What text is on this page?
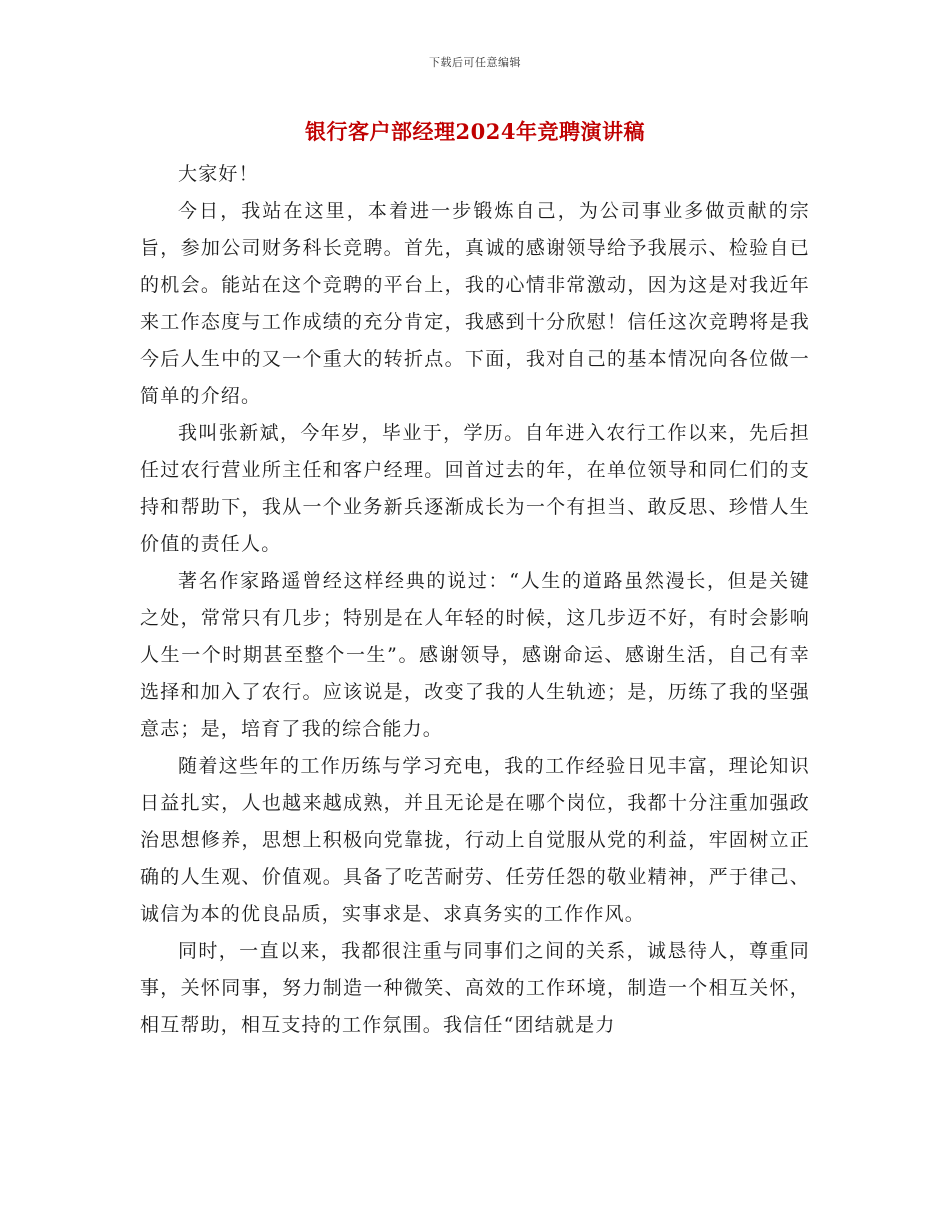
下载后可任意编辑
银行客户部经理2024年竞聘演讲稿

大家好！

今日，我站在这里，本着进一步锻炼自己，为公司事业多做贡献的宗旨，参加公司财务科长竞聘。首先，真诚的感谢领导给予我展示、检验自已的机会。能站在这个竞聘的平台上，我的心情非常激动，因为这是对我近年来工作态度与工作成绩的充分肯定，我感到十分欣慰！信任这次竞聘将是我今后人生中的又一个重大的转折点。下面，我对自己的基本情况向各位做一简单的介绍。

我叫张新斌，今年岁，毕业于，学历。自年进入农行工作以来，先后担任过农行营业所主任和客户经理。回首过去的年，在单位领导和同仁们的支持和帮助下，我从一个业务新兵逐渐成长为一个有担当、敢反思、珍惜人生价值的责任人。

著名作家路遥曾经这样经典的说过：“人生的道路虽然漫长，但是关键之处，常常只有几步；特别是在人年轻的时候，这几步迈不好，有时会影响人生一个时期甚至整个一生”。感谢领导，感谢命运、感谢生活，自己有幸选择和加入了农行。应该说是，改变了我的人生轨迹；是，历练了我的坚强意志；是，培育了我的综合能力。

随着这些年的工作历练与学习充电，我的工作经验日见丰富，理论知识日益扎实，人也越来越成熟，并且无论是在哪个岗位，我都十分注重加强政治思想修养，思想上积极向党靠拢，行动上自觉服从党的利益，牢固树立正确的人生观、价值观。具备了吃苦耐劳、任劳任怨的敬业精神，严于律己、诚信为本的优良品质，实事求是、求真务实的工作作风。

同时，一直以来，我都很注重与同事们之间的关系，诚恳待人，尊重同事，关怀同事，努力制造一种微笑、高效的工作环境，制造一个相互关怀，相互帮助，相互支持的工作氛围。我信任“团结就是力
